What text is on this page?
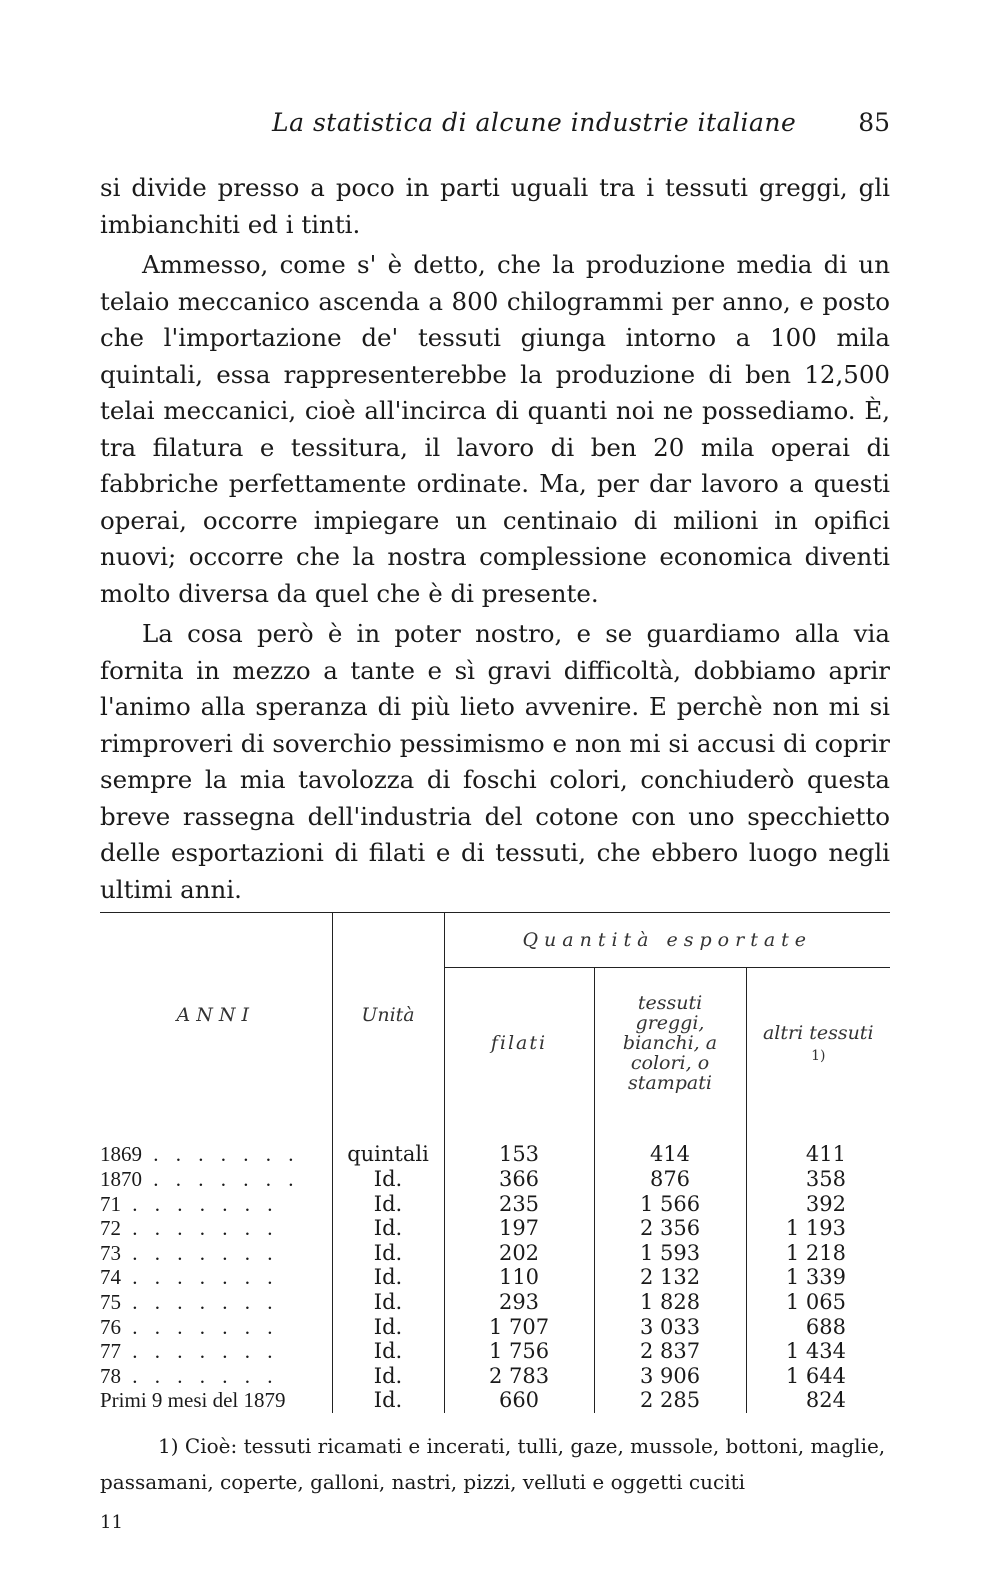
La statistica di alcune industrie italiane 85

si divide presso a poco in parti uguali tra i tessuti greggi, gli imbianchiti ed i tinti.

Ammesso, come s' è detto, che la produzione media di un telaio meccanico ascenda a 800 chilogrammi per anno, e posto che l'importazione de' tessuti giunga intorno a 100 mila quintali, essa rappresenterebbe la produzione di ben 12,500 telai meccanici, cioè all'incirca di quanti noi ne possediamo. È, tra filatura e tessitura, il lavoro di ben 20 mila operai di fabbriche perfettamente ordinate. Ma, per dar lavoro a questi operai, occorre impiegare un centinaio di milioni in opifici nuovi; occorre che la nostra complessione economica diventi molto diversa da quel che è di presente.

La cosa però è in poter nostro, e se guardiamo alla via fornita in mezzo a tante e sì gravi difficoltà, dobbiamo aprir l'animo alla speranza di più lieto avvenire. E perchè non mi si rimproveri di soverchio pessimismo e non mi si accusi di coprir sempre la mia tavolozza di foschi colori, conchiuderò questa breve rassegna dell'industria del cotone con uno specchietto delle esportazioni di filati e di tessuti, che ebbero luogo negli ultimi anni.

ANNI	Unità	Quantità esportate		
		filati	tessuti greggi, bianchi, a colori, o stampati	altri tessuti
1)

1869 . . . . . . .	quintali	153	414	411
1870 . . . . . . .	Id.	366	876	358
71 . . . . . . .	Id.	235	1 566	392
72 . . . . . . .	Id.	197	2 356	1 193
73 . . . . . . .	Id.	202	1 593	1 218
74 . . . . . . .	Id.	110	2 132	1 339
75 . . . . . . .	Id.	293	1 828	1 065
76 . . . . . . .	Id.	1 707	3 033	688
77 . . . . . . .	Id.	1 756	2 837	1 434
78 . . . . . . .	Id.	2 783	3 906	1 644
Primi 9 mesi del 1879	Id.	660	2 285	824
1) Cioè: tessuti ricamati e incerati, tulli, gaze, mussole, bottoni, maglie, passamani, coperte, galloni, nastri, pizzi, velluti e oggetti cuciti
11
